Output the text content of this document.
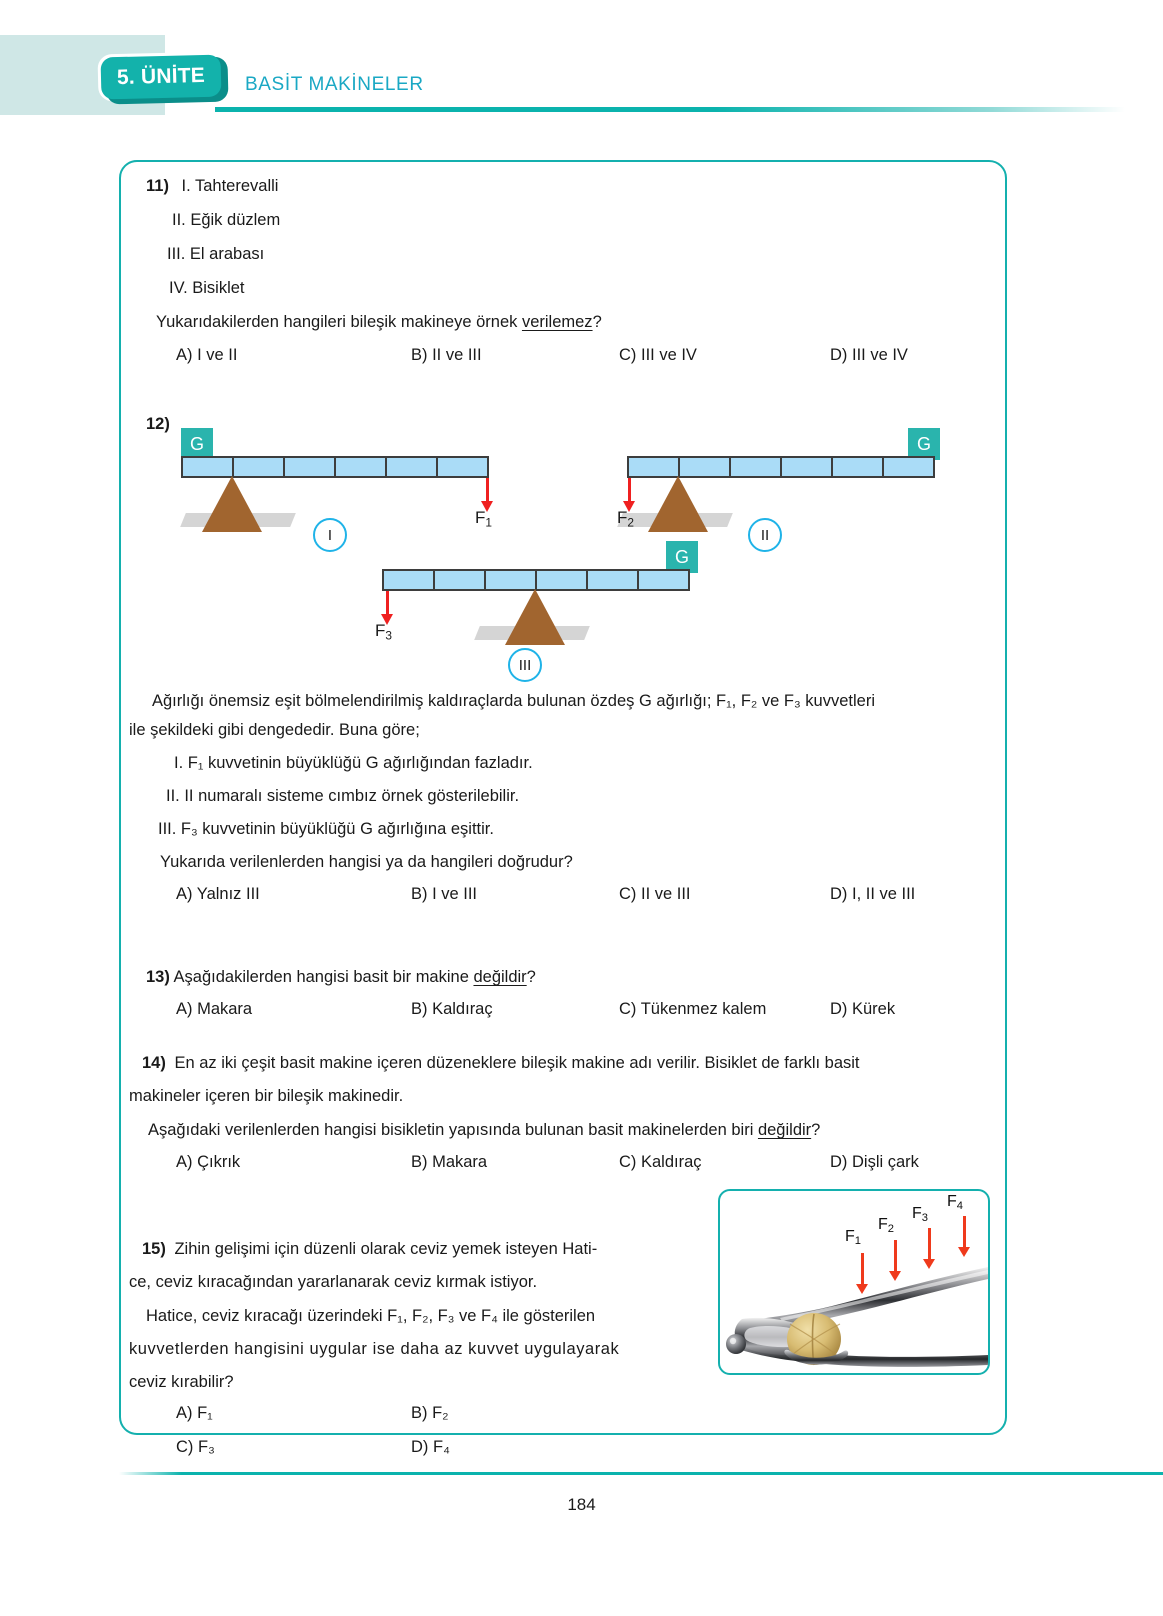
5. ÜNİTE BASİT MAKİNELER
11) I. Tahterevalli
II. Eğik düzlem
III. El arabası
IV. Bisiklet
Yukarıdakilerden hangileri bileşik makineye örnek verilemez?
A) I ve II	B) II ve III	C) III ve IV	D) III ve IV
12)
G
$F_1$
I
G
$F_2$
II
G
$F_3$
III
Ağırlığı önemsiz eşit bölmelendirilmiş kaldıraçlarda bulunan özdeş G ağırlığı; F₁, F₂ ve F₃ kuvvetleri
ile şekildeki gibi dengededir. Buna göre;
I. F₁ kuvvetinin büyüklüğü G ağırlığından fazladır.
II. II numaralı sisteme cımbız örnek gösterilebilir.
III. F₃ kuvvetinin büyüklüğü G ağırlığına eşittir.
Yukarıda verilenlerden hangisi ya da hangileri doğrudur?
A) Yalnız III	B) I ve III	C) II ve III	D) I, II ve III
13) Aşağıdakilerden hangisi basit bir makine değildir?
A) Makara	B) Kaldıraç	C) Tükenmez kalem	D) Kürek
14) En az iki çeşit basit makine içeren düzeneklere bileşik makine adı verilir. Bisiklet de farklı basit
makineler içeren bir bileşik makinedir.
Aşağıdaki verilenlerden hangisi bisikletin yapısında bulunan basit makinelerden biri değildir?
A) Çıkrık	B) Makara	C) Kaldıraç	D) Dişli çark
15) Zihin gelişimi için düzenli olarak ceviz yemek isteyen Hati-
ce, ceviz kıracağından yararlanarak ceviz kırmak istiyor.
Hatice, ceviz kıracağı üzerindeki F₁, F₂, F₃ ve F₄ ile gösterilen
kuvvetlerden hangisini uygular ise daha az kuvvet uygulayarak
ceviz kırabilir?
A) F₁	B) F₂
C) F₃	D) F₄
$F_1$
$F_2$
$F_3$
$F_4$
184
